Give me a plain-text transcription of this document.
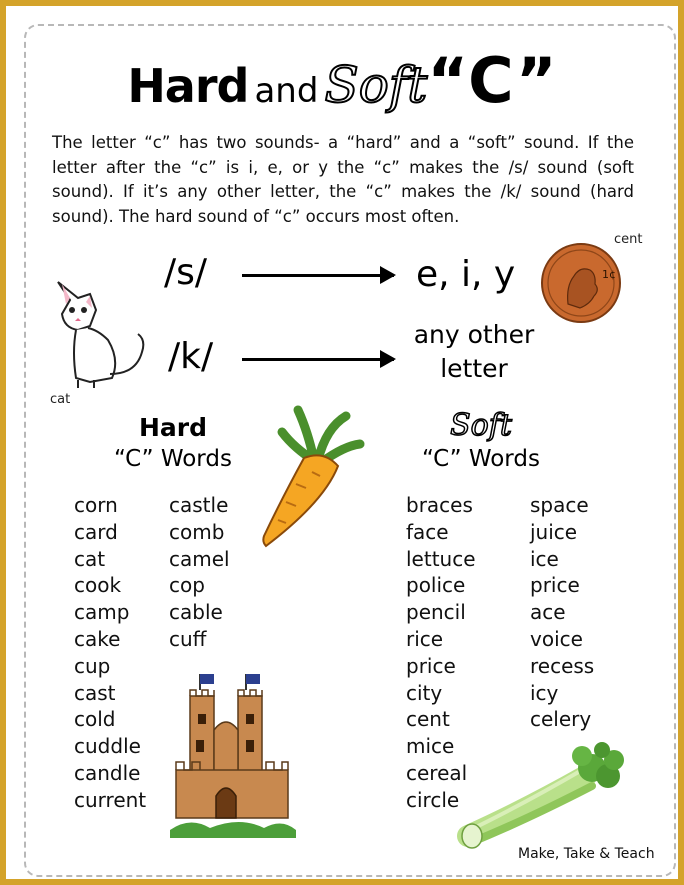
Hard and Soft“C”
The letter “c” has two sounds- a “hard” and a “soft” sound. If the letter after the “c” is i, e, or y the “c” makes the /s/ sound (soft sound). If it’s any other letter, the “c” makes the /k/ sound (hard sound). The hard sound of “c” occurs most often.
/s/	e, i, y
/k/
any other
letter
1¢
cent
cat
Hard
“C” Words
Soft
“C” Words
corn
card
cat
cook
camp
cake
cup
cast
cold
cuddle
candle
current
castle
comb
camel
cop
cable
cuff
braces
face
lettuce
police
pencil
rice
price
city
cent
mice
cereal
circle
space
juice
ice
price
ace
voice
recess
icy
celery
Make, Take & Teach
